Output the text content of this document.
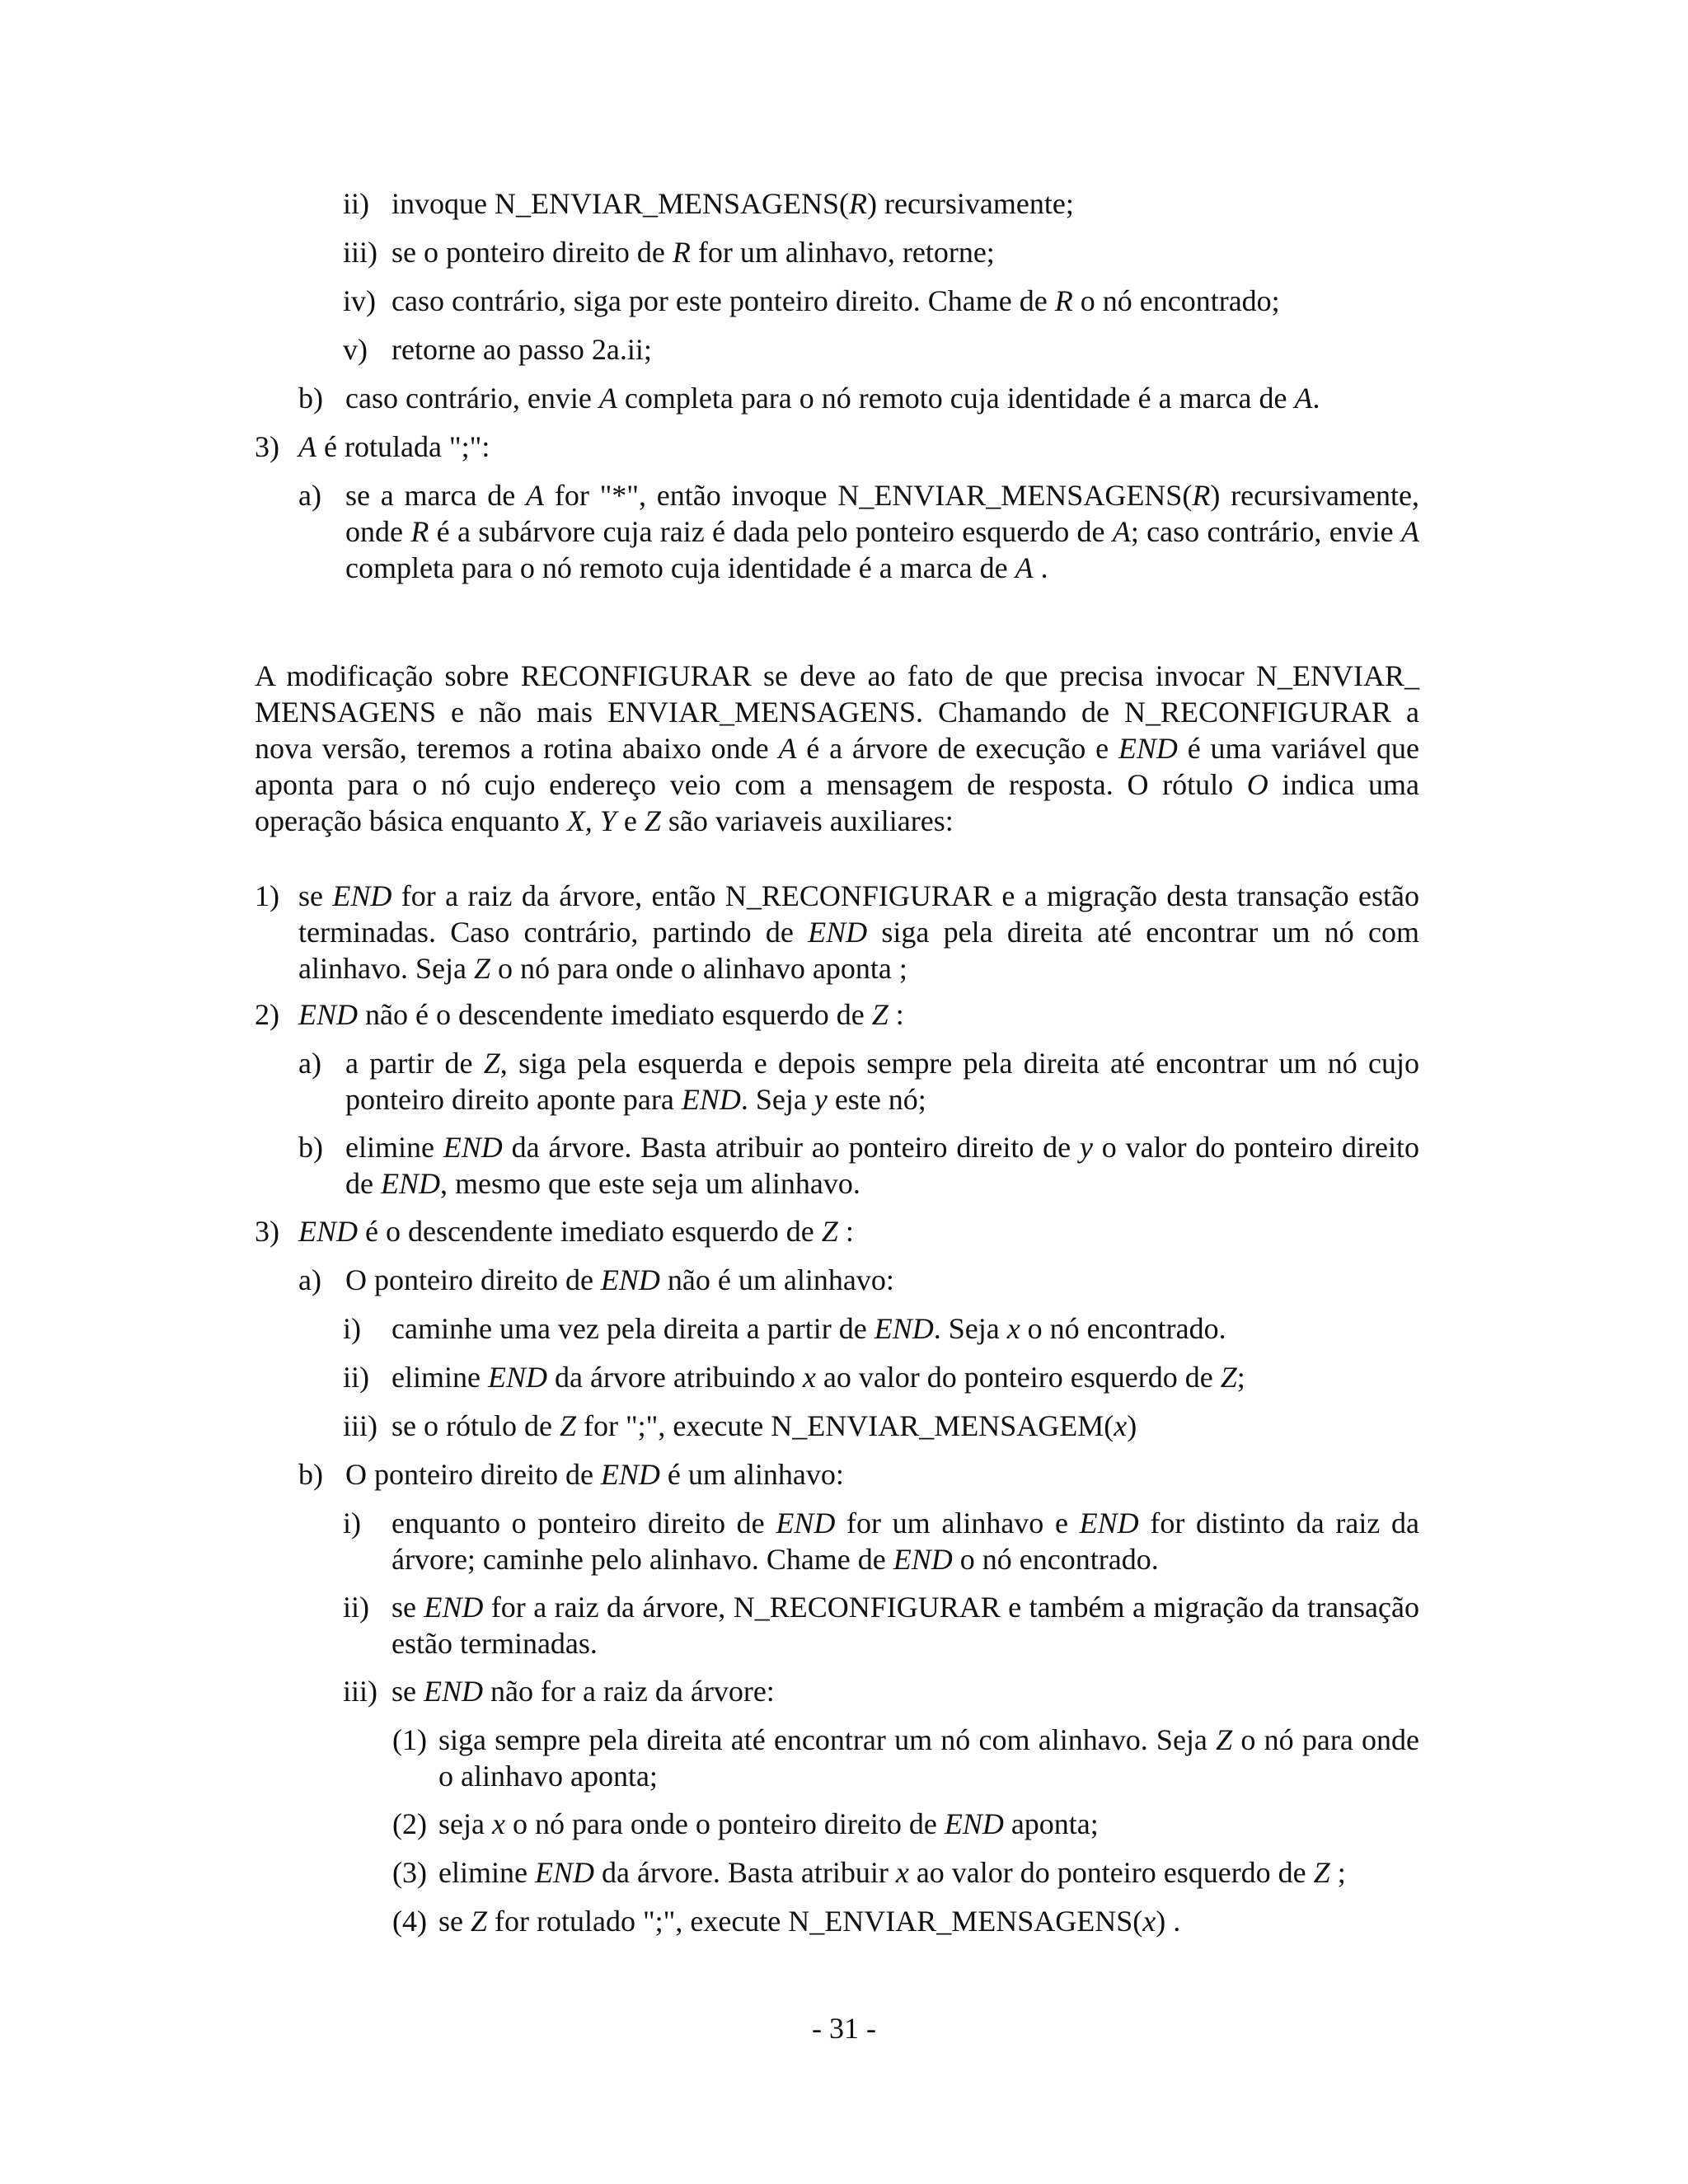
ii) invoque N_ENVIAR_MENSAGENS(R) recursivamente;
iii) se o ponteiro direito de R for um alinhavo, retorne;
iv) caso contrário, siga por este ponteiro direito. Chame de R o nó encontrado;
v) retorne ao passo 2a.ii;
b) caso contrário, envie A completa para o nó remoto cuja identidade é a marca de A.
3) A é rotulada ";":
a) se a marca de A for "*", então invoque N_ENVIAR_MENSAGENS(R) recursivamente, onde R é a subárvore cuja raiz é dada pelo ponteiro esquerdo de A; caso contrário, envie A completa para o nó remoto cuja identidade é a marca de A .

A modificação sobre RECONFIGURAR se deve ao fato de que precisa invocar N_ENVIAR_ MENSAGENS e não mais ENVIAR_MENSAGENS. Chamando de N_RECONFIGURAR a nova versão, teremos a rotina abaixo onde A é a árvore de execução e END é uma variável que aponta para o nó cujo endereço veio com a mensagem de resposta. O rótulo O indica uma operação básica enquanto X, Y e Z são variaveis auxiliares:

1) se END for a raiz da árvore, então N_RECONFIGURAR e a migração desta transação estão terminadas. Caso contrário, partindo de END siga pela direita até encontrar um nó com alinhavo. Seja Z o nó para onde o alinhavo aponta ;
2) END não é o descendente imediato esquerdo de Z :
a) a partir de Z, siga pela esquerda e depois sempre pela direita até encontrar um nó cujo ponteiro direito aponte para END. Seja y este nó;
b) elimine END da árvore. Basta atribuir ao ponteiro direito de y o valor do ponteiro direito de END, mesmo que este seja um alinhavo.
3) END é o descendente imediato esquerdo de Z :
a) O ponteiro direito de END não é um alinhavo:
i)	caminhe uma vez pela direita a partir de END. Seja x o nó encontrado.
ii) elimine END da árvore atribuindo x ao valor do ponteiro esquerdo de Z;
iii) se o rótulo de Z for ";", execute N_ENVIAR_MENSAGEM(x)
b) O ponteiro direito de END é um alinhavo:
i)	enquanto o ponteiro direito de END for um alinhavo e END for distinto da raiz da árvore; caminhe pelo alinhavo. Chame de END o nó encontrado.
ii) se END for a raiz da árvore, N_RECONFIGURAR e também a migração da transação estão terminadas.
iii) se END não for a raiz da árvore:
(1) siga sempre pela direita até encontrar um nó com alinhavo. Seja Z o nó para onde o alinhavo aponta;
(2) seja x o nó para onde o ponteiro direito de END aponta;
(3) elimine END da árvore. Basta atribuir x ao valor do ponteiro esquerdo de Z ;
(4) se Z for rotulado ";", execute N_ENVIAR_MENSAGENS(x) .

- 31 -
